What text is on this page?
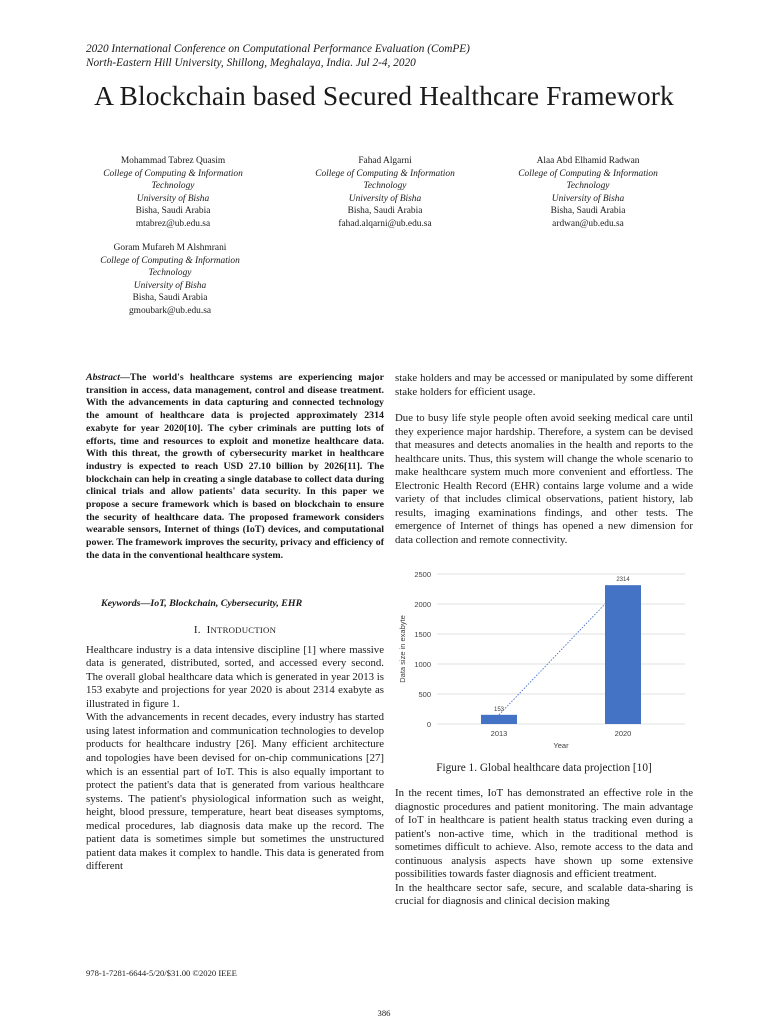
2020 International Conference on Computational Performance Evaluation (ComPE)
North-Eastern Hill University, Shillong, Meghalaya, India. Jul 2-4, 2020
A Blockchain based Secured Healthcare Framework
Mohammad Tabrez Quasim
College of Computing & Information
Technology
University of Bisha
Bisha, Saudi Arabia
mtabrez@ub.edu.sa
Fahad Algarni
College of Computing & Information
Technology
University of Bisha
Bisha, Saudi Arabia
fahad.alqarni@ub.edu.sa
Alaa Abd Elhamid Radwan
College of Computing & Information
Technology
University of Bisha
Bisha, Saudi Arabia
ardwan@ub.edu.sa
Goram Mufareh M Alshmrani
College of Computing & Information
Technology
University of Bisha
Bisha, Saudi Arabia
gmoubark@ub.edu.sa

Abstract—The world's healthcare systems are experiencing major transition in access, data management, control and disease treatment. With the advancements in data capturing and connected technology the amount of healthcare data is projected approximately 2314 exabyte for year 2020[10]. The cyber criminals are putting lots of efforts, time and resources to exploit and monetize healthcare data. With this threat, the growth of cybersecurity market in healthcare industry is expected to reach USD 27.10 billion by 2026[11]. The blockchain can help in creating a single database to collect data during clinical trials and allow patients' data security. In this paper we propose a secure framework which is based on blockchain to ensure the security of healthcare data. The proposed framework considers wearable sensors, Internet of things (IoT) devices, and computational power. The framework improves the security, privacy and efficiency of the data in the conventional healthcare system.

Keywords—IoT, Blockchain, Cybersecurity, EHR

I. INTRODUCTION

Healthcare industry is a data intensive discipline [1] where massive data is generated, distributed, sorted, and accessed every second. The overall global healthcare data which is generated in year 2013 is 153 exabyte and projections for year 2020 is about 2314 exabyte as illustrated in figure 1.

With the advancements in recent decades, every industry has started using latest information and communication technologies to develop products for healthcare industry [26]. Many efficient architecture and topologies have been devised for on-chip communications [27] which is an essential part of IoT. This is also equally important to protect the patient's data that is generated from various healthcare systems. The patient's physiological information such as weight, height, blood pressure, temperature, heart beat diseases symptoms, medical procedures, lab diagnosis data make up the record. The patient data is sometimes simple but sometimes the unstructured patient data makes it complex to handle. This data is generated from different

stake holders and may be accessed or manipulated by some different stake holders for efficient usage.

Due to busy life style people often avoid seeking medical care until they experience major hardship. Therefore, a system can be devised that measures and detects anomalies in the health and reports to the healthcare units. Thus, this system will change the whole scenario to make healthcare system much more convenient and effortless. The Electronic Health Record (EHR) contains large volume and a wide variety of that includes climical observations, patient history, lab results, imaging examinations findings, and other tests. The emergence of Internet of things has opened a new dimension for data collection and remote connectivity.

0
500
1000
1500
2000
2500
153
2013
2314
2020
Year
Data size in exabyte

Figure 1. Global healthcare data projection [10]

In the recent times, IoT has demonstrated an effective role in the diagnostic procedures and patient monitoring. The main advantage of IoT in healthcare is patient health status tracking even during a patient's non-active time, which in the traditional method is sometimes difficult to achieve. Also, remote access to the data and continuous analysis aspects have shown up some extensive possibilities towards faster diagnosis and efficient treatment.

In the healthcare sector safe, secure, and scalable data-sharing is crucial for diagnosis and clinical decision making

978-1-7281-6644-5/20/$31.00 ©2020 IEEE
386
